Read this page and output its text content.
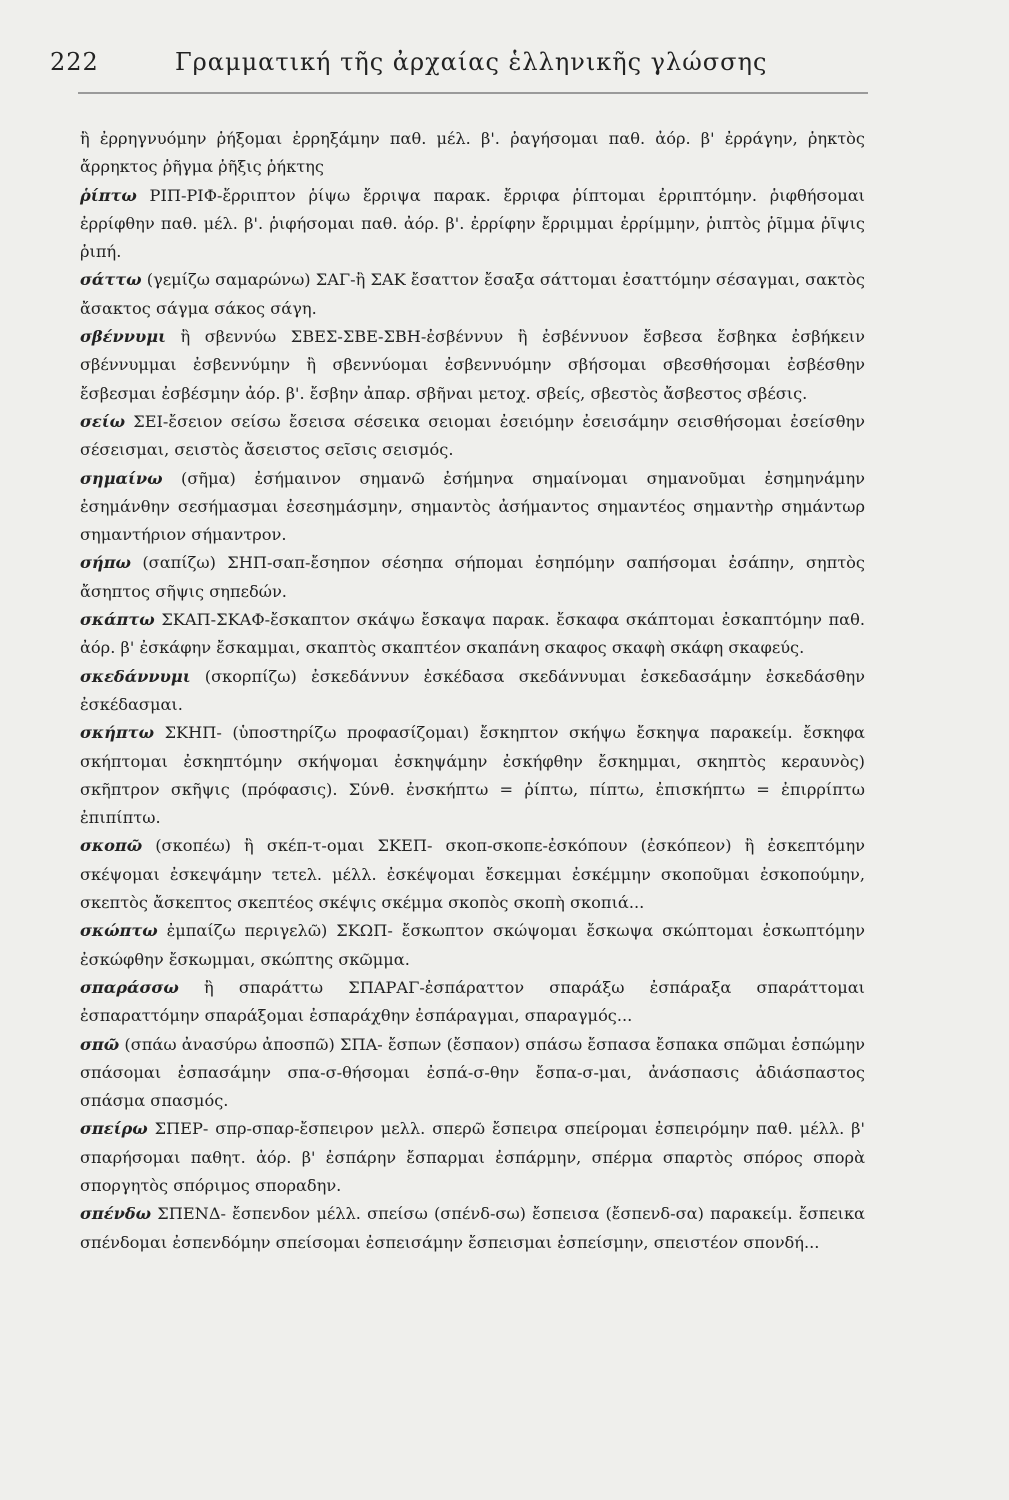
222	Γραμματική τῆς ἀρχαίας ἑλληνικῆς γλώσσης

ἢ ἐρρηγνυόμην ῥήξομαι ἐρρηξάμην παθ. μέλ. β'. ῥαγήσομαι παθ. ἀόρ. β' ἐρράγην, ῥηκτὸς ἄρρηκτος ῥῆγμα ῥῆξις ῥήκτης

ῥίπτω ΡΙΠ-ΡΙΦ-ἔρριπτον ῥίψω ἔρριψα παρακ. ἔρριφα ῥίπτομαι ἐρριπτόμην. ῥιφθήσομαι ἐρρίφθην παθ. μέλ. β'. ῥιφήσομαι παθ. ἀόρ. β'. ἐρρίφην ἔρριμμαι ἐρρίμμην, ῥιπτὸς ῥῖμμα ῥῖψις ῥιπή.

σάττω (γεμίζω σαμαρώνω) ΣΑΓ-ἢ ΣΑΚ ἔσαττον ἔσαξα σάττομαι ἐσαττόμην σέσαγμαι, σακτὸς ἄσακτος σάγμα σάκος σάγη.

σβέννυμι ἢ σβεννύω ΣΒΕΣ-ΣΒΕ-ΣΒΗ-ἐσβέννυν ἢ ἐσβέννυον ἔσβεσα ἔσβηκα ἐσβήκειν σβέννυμμαι ἐσβεννύμην ἢ σβεννύομαι ἐσβεννυόμην σβήσομαι σβεσθήσομαι ἐσβέσθην ἔσβεσμαι ἐσβέσμην ἀόρ. β'. ἔσβην ἀπαρ. σβῆναι μετοχ. σβείς, σβεστὸς ἄσβεστος σβέσις.

σείω ΣΕΙ-ἔσειον σείσω ἔσεισα σέσεικα σειομαι ἐσειόμην ἐσεισάμην σεισθήσομαι ἐσείσθην σέσεισμαι, σειστὸς ἄσειστος σεῖσις σεισμός.

σημαίνω (σῆμα) ἐσήμαινον σημανῶ ἐσήμηνα σημαίνομαι σημανοῦμαι ἐσημηνάμην ἐσημάνθην σεσήμασμαι ἐσεσημάσμην, σημαντὸς ἀσήμαντος σημαντέος σημαντὴρ σημάντωρ σημαντήριον σήμαντρον.

σήπω (σαπίζω) ΣΗΠ-σαπ-ἔσηπον σέσηπα σήπομαι ἐσηπόμην σαπήσομαι ἐσάπην, σηπτὸς ἄσηπτος σῆψις σηπεδών.

σκάπτω ΣΚΑΠ-ΣΚΑΦ-ἔσκαπτον σκάψω ἔσκαψα παρακ. ἔσκαφα σκάπτομαι ἐσκαπτόμην παθ. ἀόρ. β' ἐσκάφην ἔσκαμμαι, σκαπτὸς σκαπτέον σκαπάνη σκαφος σκαφὴ σκάφη σκαφεύς.

σκεδάννυμι (σκορπίζω) ἐσκεδάννυν ἐσκέδασα σκεδάννυμαι ἐσκεδασάμην ἐσκεδάσθην ἐσκέδασμαι.

σκήπτω ΣΚΗΠ- (ὑποστηρίζω προφασίζομαι) ἔσκηπτον σκήψω ἔσκηψα παρακείμ. ἔσκηφα σκήπτομαι ἐσκηπτόμην σκήψομαι ἐσκηψάμην ἐσκήφθην ἔσκημμαι, σκηπτὸς κεραυνὸς) σκῆπτρον σκῆψις (πρόφασις). Σύνθ. ἐνσκήπτω = ῥίπτω, πίπτω, ἐπισκήπτω = ἐπιρρίπτω ἐπιπίπτω.

σκοπῶ (σκοπέω) ἢ σκέπ-τ-ομαι ΣΚΕΠ- σκοπ-σκοπε-ἐσκόπουν (ἐσκόπεον) ἢ ἐσκεπτόμην σκέψομαι ἐσκεψάμην τετελ. μέλλ. ἐσκέψομαι ἔσκεμμαι ἐσκέμμην σκοποῦμαι ἐσκοπούμην, σκεπτὸς ἄσκεπτος σκεπτέος σκέψις σκέμμα σκοπὸς σκοπὴ σκοπιά...

σκώπτω ἐμπαίζω περιγελῶ) ΣΚΩΠ- ἔσκωπτον σκώψομαι ἔσκωψα σκώπτομαι ἐσκωπτόμην ἐσκώφθην ἔσκωμμαι, σκώπτης σκῶμμα.

σπαράσσω ἢ σπαράττω ΣΠΑΡΑΓ-ἐσπάραττον σπαράξω ἐσπάραξα σπαράττομαι ἐσπαραττόμην σπαράξομαι ἐσπαράχθην ἐσπάραγμαι, σπαραγμός...

σπῶ (σπάω ἀνασύρω ἀποσπῶ) ΣΠΑ- ἔσπων (ἔσπαον) σπάσω ἔσπασα ἔσπακα σπῶμαι ἐσπώμην σπάσομαι ἐσπασάμην σπα-σ-θήσομαι ἐσπά-σ-θην ἔσπα-σ-μαι, ἀνάσπασις ἀδιάσπαστος σπάσμα σπασμός.

σπείρω ΣΠΕΡ- σπρ-σπαρ-ἔσπειρον μελλ. σπερῶ ἔσπειρα σπείρομαι ἐσπειρόμην παθ. μέλλ. β' σπαρήσομαι παθητ. ἀόρ. β' ἐσπάρην ἔσπαρμαι ἐσπάρμην, σπέρμα σπαρτὸς σπόρος σπορὰ σποργητὸς σπόριμος σποραδην.

σπένδω ΣΠΕΝΔ- ἔσπενδον μέλλ. σπείσω (σπένδ-σω) ἔσπεισα (ἔσπενδ-σα) παρακείμ. ἔσπεικα σπένδομαι ἐσπενδόμην σπείσομαι ἐσπεισάμην ἔσπεισμαι ἐσπείσμην, σπειστέον σπονδή...
